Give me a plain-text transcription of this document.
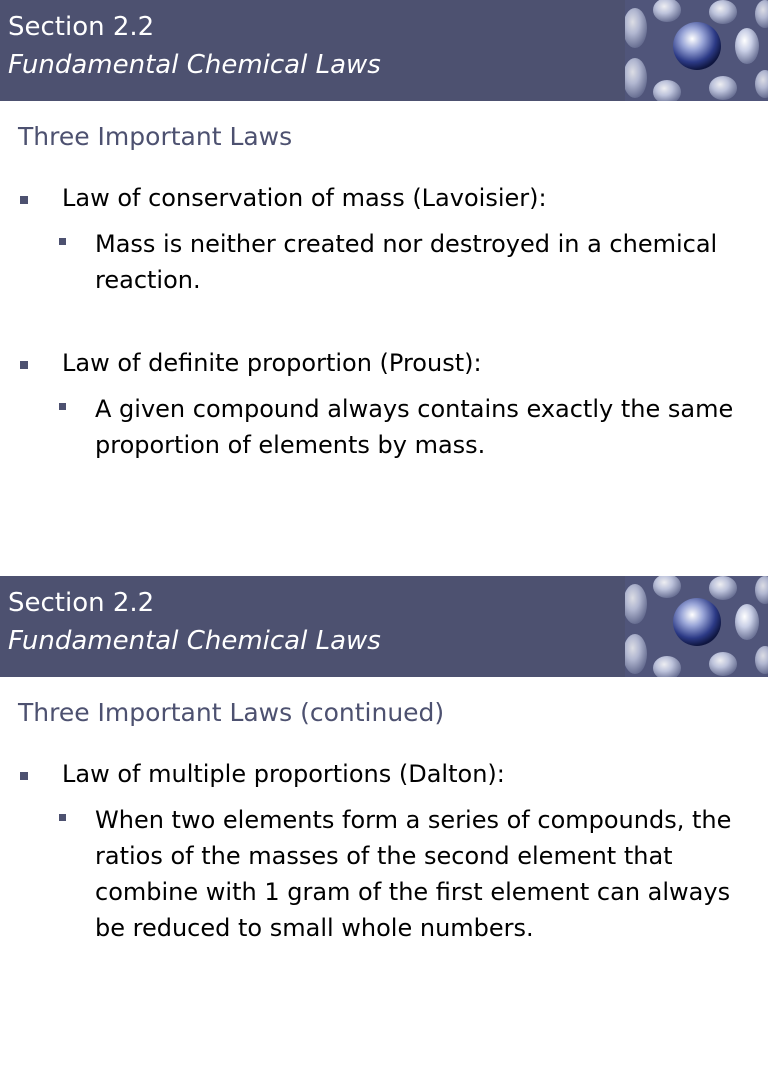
Section 2.2
Fundamental Chemical Laws
Three Important Laws
Law of conservation of mass (Lavoisier):
Mass is neither created nor destroyed in a chemical reaction.
Law of definite proportion (Proust):
A given compound always contains exactly the same proportion of elements by mass.
Section 2.2
Fundamental Chemical Laws
Three Important Laws (continued)
Law of multiple proportions (Dalton):
When two elements form a series of compounds, the ratios of the masses of the second element that combine with 1 gram of the first element can always be reduced to small whole numbers.
